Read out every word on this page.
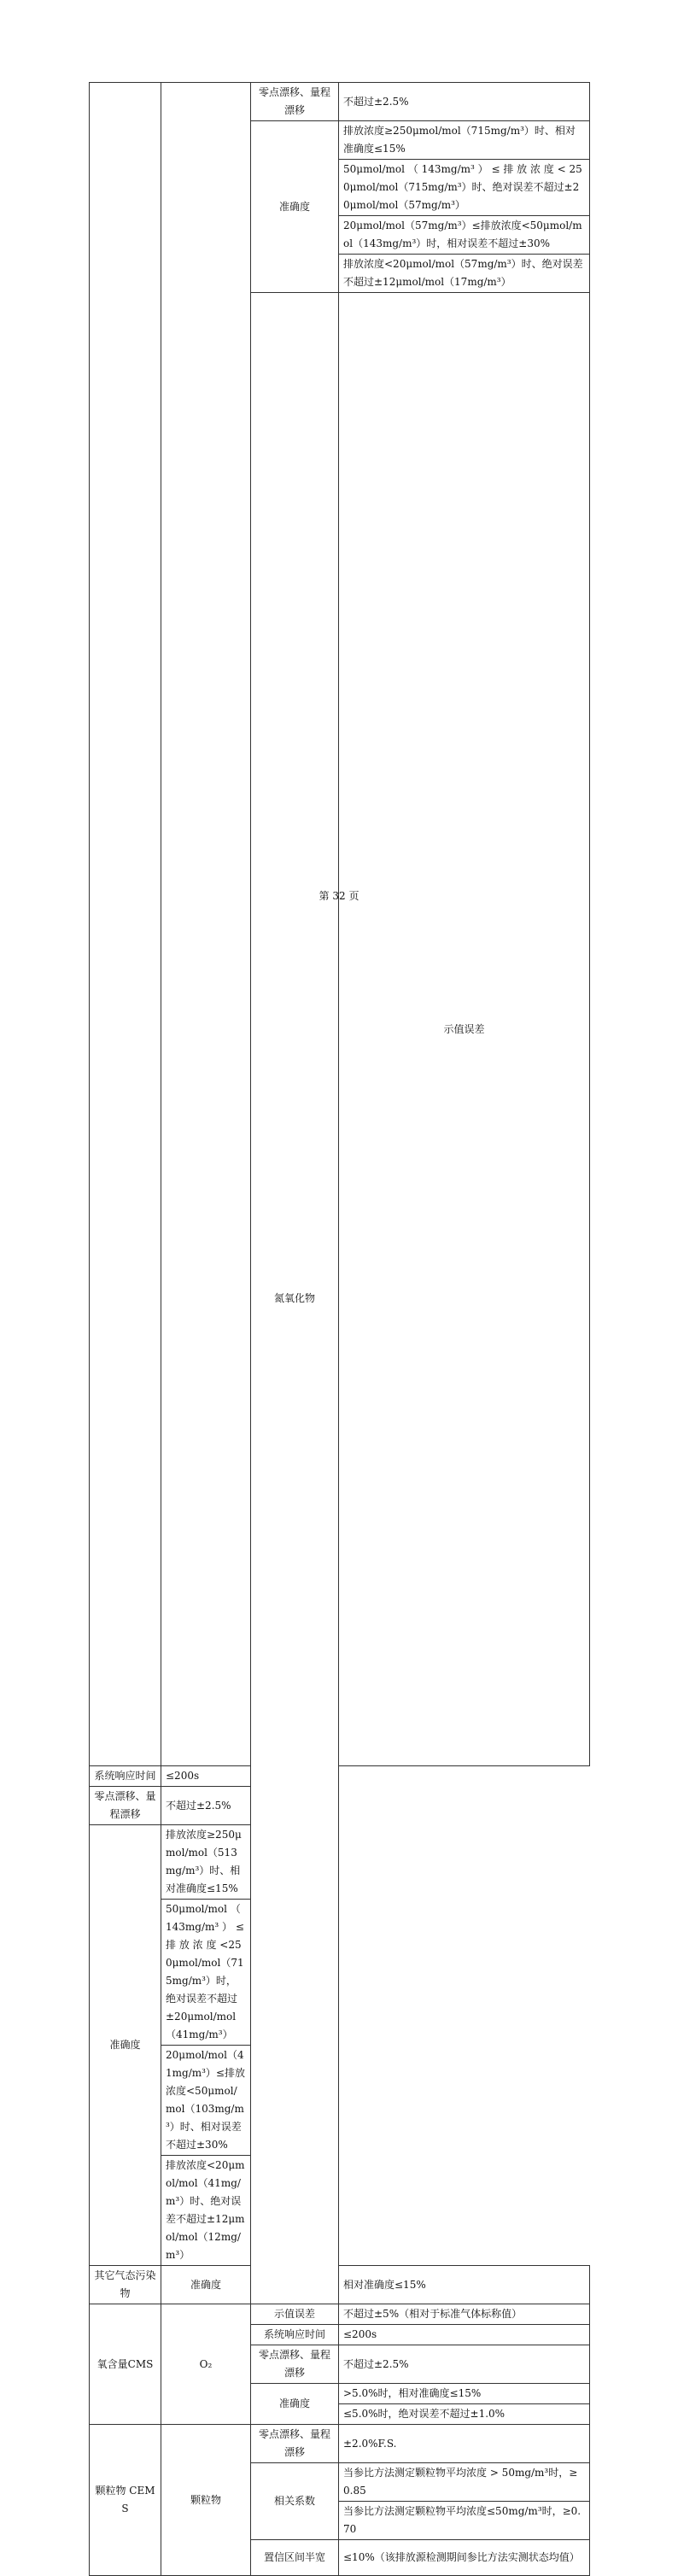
		零点漂移、量程漂移	不超过±2.5%	
		准确度	排放浓度≥250μmol/mol（715mg/m³）时、相对准确度≤15%	
			50μmol/mol （ 143mg/m³ ） ≤ 排 放 浓 度 < 250μmol/mol（715mg/m³）时、绝对误差不超过±20μmol/mol（57mg/m³）	
			20μmol/mol（57mg/m³）≤排放浓度<50μmol/mol（143mg/m³）时，相对误差不超过±30%	
			排放浓度<20μmol/mol（57mg/m³）时、绝对误差不超过±12μmol/mol（17mg/m³）	
		氮氧化物	示值误差	
系统响应时间	≤200s			
零点漂移、量程漂移	不超过±2.5%			
准确度	排放浓度≥250μmol/mol（513mg/m³）时、相对准确度≤15%			
	50μmol/mol （ 143mg/m³ ） ≤ 排 放 浓 度 <250μmol/mol（715mg/m³）时，绝对误差不超过±20μmol/mol（41mg/m³）			
	20μmol/mol（41mg/m³）≤排放浓度<50μmol/mol（103mg/m³）时、相对误差不超过±30%			
	排放浓度<20μmol/mol（41mg/m³）时、绝对误差不超过±12μmol/mol（12mg/m³）			
其它气态污染物	准确度		相对准确度≤15%	
氧含量CMS	O₂	示值误差	不超过±5%（相对于标准气体标称值）	
		系统响应时间	≤200s	
		零点漂移、量程漂移	不超过±2.5%	
		准确度	>5.0%时，相对准确度≤15%	
			≤5.0%时，绝对误差不超过±1.0%	
颗粒物 CEMS	颗粒物	零点漂移、量程漂移	±2.0%F.S.	
		相关系数	当参比方法测定颗粒物平均浓度 > 50mg/m³时，≥0.85	
			当参比方法测定颗粒物平均浓度≤50mg/m³时，≥0.70	
		置信区间半宽	≤10%（该排放源检测期间参比方法实测状态均值）	
第 32 页
